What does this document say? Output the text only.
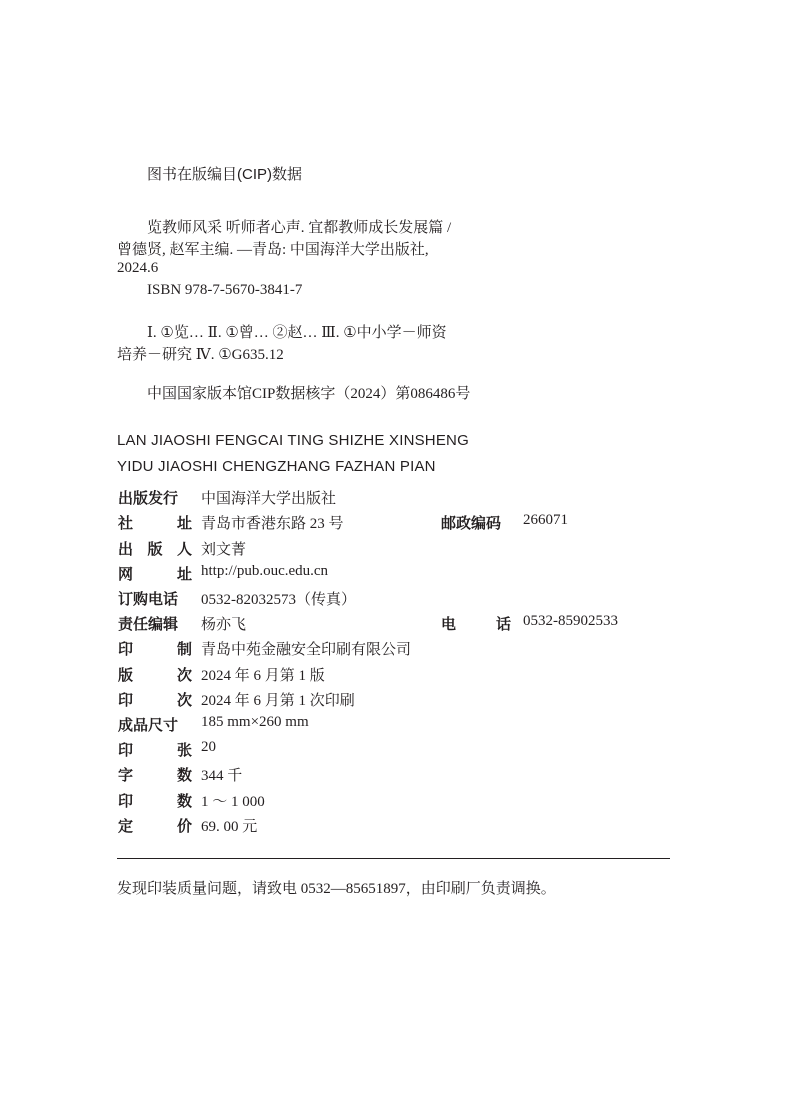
图书在版编目(CIP)数据
览教师风采 听师者心声. 宜都教师成长发展篇 /
曾德贤, 赵军主编. —青岛: 中国海洋大学出版社,
2024.6
ISBN 978-7-5670-3841-7
Ⅰ. ①览… Ⅱ. ①曾… ②赵… Ⅲ. ①中小学－师资
培养－研究 Ⅳ. ①G635.12
中国国家版本馆CIP数据核字（2024）第086486号
LAN JIAOSHI FENGCAI TING SHIZHE XINSHENG
YIDU JIAOSHI CHENGZHANG FAZHAN PIAN
出版发行 中国海洋大学出版社
社	址 青岛市香港东路 23 号	邮政编码 266071
出 版 人 刘文菁
网	址 http://pub.ouc.edu.cn
订购电话 0532-82032573（传真）
责任编辑 杨亦飞	电	话 0532-85902533
印	制 青岛中苑金融安全印刷有限公司
版	次 2024 年 6 月第 1 版
印	次 2024 年 6 月第 1 次印刷
成品尺寸 185 mm×260 mm
印	张 20
字	数 344 千
印	数 1 ～ 1 000
定	价 69. 00 元
发现印装质量问题，请致电 0532—85651897，由印刷厂负责调换。
